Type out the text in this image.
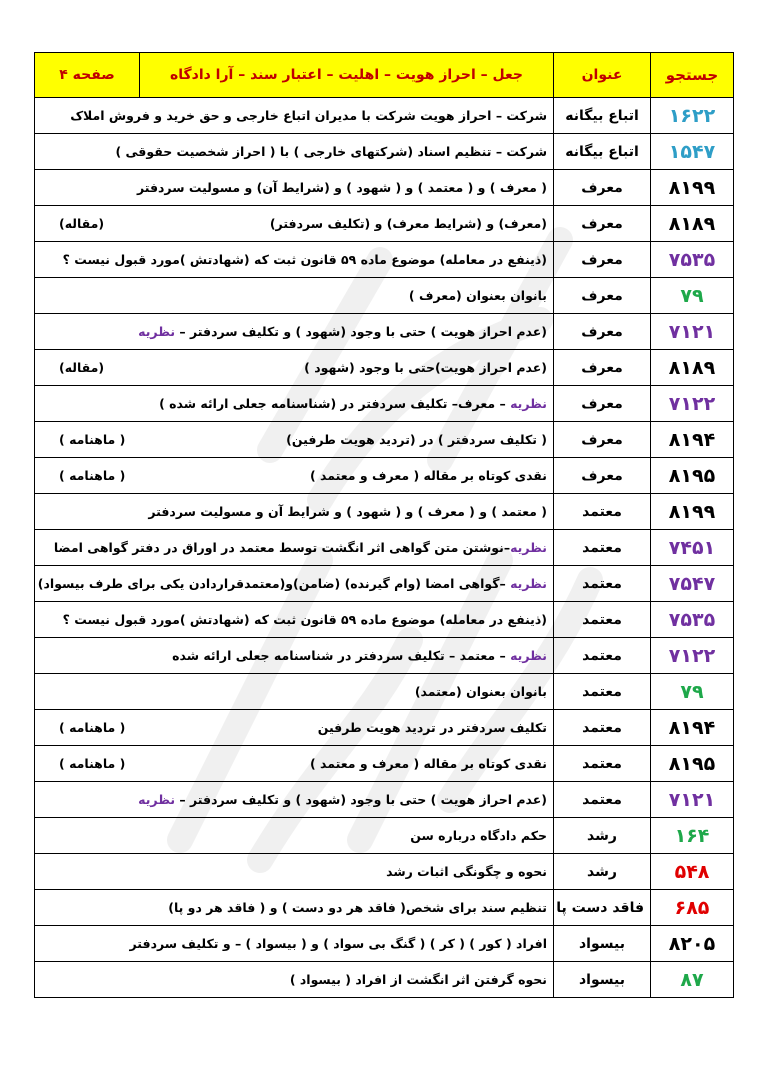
جستجو	عنوان	جعل – احراز هویت – اهلیت – اعتبار سند – آرا دادگاه	صفحه ۴
۱۶۲۲	اتباع بیگانه	شرکت – احراز هویت شرکت با مدیران اتباع خارجی و حق خرید و فروش املاک	

۱۵۴۷	اتباع بیگانه	شرکت – تنظیم اسناد (شرکتهای خارجی ) با ( احراز شخصیت حقوقی )	

۸۱۹۹	معرف	( معرف ) و ( معتمد ) و ( شهود ) و (شرایط آن) و مسولیت سردفتر	

۸۱۸۹	معرف	(معرف) و (شرایط معرف) و (تکلیف سردفتر)
(مقاله)	

۷۵۳۵	معرف	(ذینفع در معامله) موضوع ماده ۵۹ قانون ثبت که (شهادتش )مورد قبول نیست ؟	

۷۹	معرف	بانوان بعنوان (معرف )	

۷۱۲۱	معرف	(عدم احراز هویت ) حتی با وجود (شهود ) و تکلیف سردفتر – نظریه	

۸۱۸۹	معرف	(عدم احراز هویت)حتی با وجود (شهود )
(مقاله)	

۷۱۲۲	معرف	نظریه – معرف– تکلیف سردفتر در (شناسنامه جعلی ارائه شده )	

۸۱۹۴	معرف	( تکلیف سردفتر ) در (تردید هویت طرفین)
( ماهنامه )	

۸۱۹۵	معرف	نقدی کوتاه بر مقاله ( معرف و معتمد )
( ماهنامه )	

۸۱۹۹	معتمد	( معتمد ) و ( معرف ) و ( شهود ) و شرایط آن و مسولیت سردفتر	

۷۴۵۱	معتمد	نظریه–نوشتن متن گواهی اثر انگشت توسط معتمد در اوراق در دفتر گواهی امضا	

۷۵۴۷	معتمد	نظریه –گواهی امضا (وام گیرنده) (ضامن)و(معتمدقراردادن یکی برای طرف بیسواد)	

۷۵۳۵	معتمد	(ذینفع در معامله) موضوع ماده ۵۹ قانون ثبت که (شهادتش )مورد قبول نیست ؟	

۷۱۲۲	معتمد	نظریه – معتمد – تکلیف سردفتر در شناسنامه جعلی ارائه شده	

۷۹	معتمد	بانوان بعنوان (معتمد)	

۸۱۹۴	معتمد	تکلیف سردفتر در تردید هویت طرفین
( ماهنامه )	

۸۱۹۵	معتمد	نقدی کوتاه بر مقاله ( معرف و معتمد )
( ماهنامه )	

۷۱۲۱	معتمد	(عدم احراز هویت ) حتی با وجود (شهود ) و تکلیف سردفتر – نظریه	

۱۶۴	رشد	حکم دادگاه درباره سن	

۵۴۸	رشد	نحوه و چگونگی اثبات رشد	

۶۸۵	فاقد دست پا	تنظیم سند برای شخص( فاقد هر دو دست ) و ( فاقد هر دو پا)	

۸۲۰۵	بیسواد	افراد ( کور ) ( کر ) ( گنگ بی سواد ) و ( بیسواد ) – و تکلیف سردفتر	

۸۷	بیسواد	نحوه گرفتن اثر انگشت از افراد ( بیسواد )	
